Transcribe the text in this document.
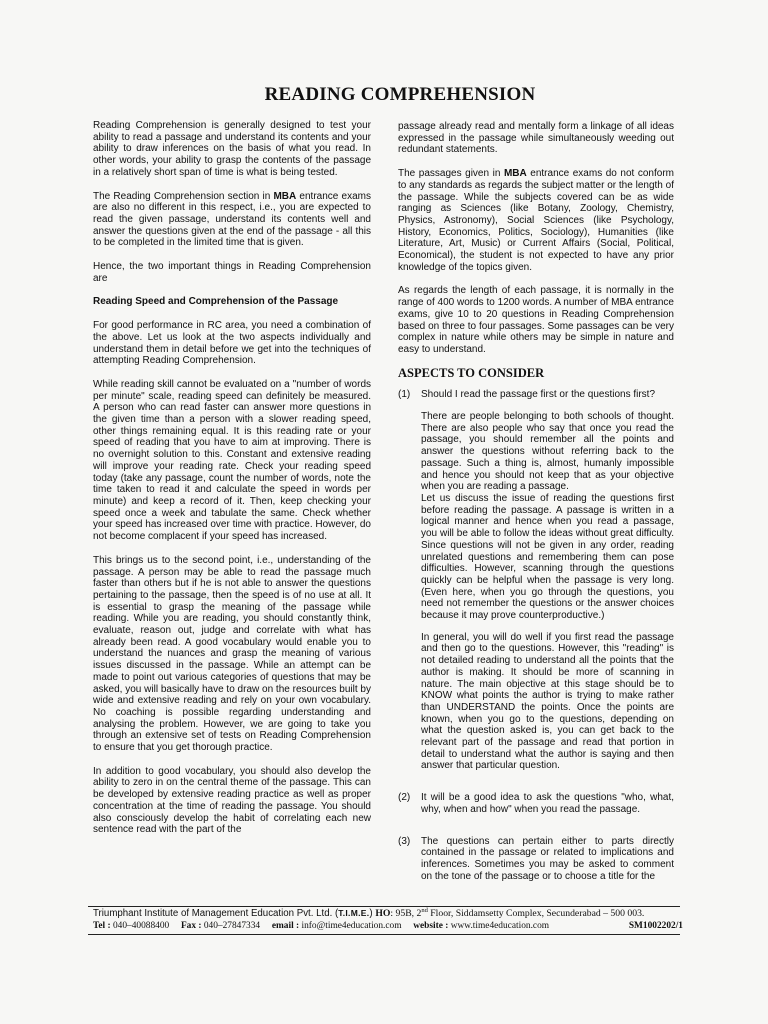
READING COMPREHENSION

Reading Comprehension is generally designed to test your ability to read a passage and understand its contents and your ability to draw inferences on the basis of what you read. In other words, your ability to grasp the contents of the passage in a relatively short span of time is what is being tested.

The Reading Comprehension section in MBA entrance exams are also no different in this respect, i.e., you are expected to read the given passage, understand its contents well and answer the questions given at the end of the passage - all this to be completed in the limited time that is given.

Hence, the two important things in Reading Comprehension are

Reading Speed and Comprehension of the Passage

For good performance in RC area, you need a combination of the above. Let us look at the two aspects individually and understand them in detail before we get into the techniques of attempting Reading Comprehension.

While reading skill cannot be evaluated on a "number of words per minute" scale, reading speed can definitely be measured. A person who can read faster can answer more questions in the given time than a person with a slower reading speed, other things remaining equal. It is this reading rate or your speed of reading that you have to aim at improving. There is no overnight solution to this. Constant and extensive reading will improve your reading rate. Check your reading speed today (take any passage, count the number of words, note the time taken to read it and calculate the speed in words per minute) and keep a record of it. Then, keep checking your speed once a week and tabulate the same. Check whether your speed has increased over time with practice. However, do not become complacent if your speed has increased.

This brings us to the second point, i.e., understanding of the passage. A person may be able to read the passage much faster than others but if he is not able to answer the questions pertaining to the passage, then the speed is of no use at all. It is essential to grasp the meaning of the passage while reading. While you are reading, you should constantly think, evaluate, reason out, judge and correlate with what has already been read. A good vocabulary would enable you to understand the nuances and grasp the meaning of various issues discussed in the passage. While an attempt can be made to point out various categories of questions that may be asked, you will basically have to draw on the resources built by wide and extensive reading and rely on your own vocabulary. No coaching is possible regarding understanding and analysing the problem. However, we are going to take you through an extensive set of tests on Reading Comprehension to ensure that you get thorough practice.

In addition to good vocabulary, you should also develop the ability to zero in on the central theme of the passage. This can be developed by extensive reading practice as well as proper concentration at the time of reading the passage. You should also consciously develop the habit of correlating each new sentence read with the part of the

passage already read and mentally form a linkage of all ideas expressed in the passage while simultaneously weeding out redundant statements.

The passages given in MBA entrance exams do not conform to any standards as regards the subject matter or the length of the passage. While the subjects covered can be as wide ranging as Sciences (like Botany, Zoology, Chemistry, Physics, Astronomy), Social Sciences (like Psychology, History, Economics, Politics, Sociology), Humanities (like Literature, Art, Music) or Current Affairs (Social, Political, Economical), the student is not expected to have any prior knowledge of the topics given.

As regards the length of each passage, it is normally in the range of 400 words to 1200 words. A number of MBA entrance exams, give 10 to 20 questions in Reading Comprehension based on three to four passages. Some passages can be very complex in nature while others may be simple in nature and easy to understand.

ASPECTS TO CONSIDER
(1)	Should I read the passage first or the questions first?

There are people belonging to both schools of thought. There are also people who say that once you read the passage, you should remember all the points and answer the questions without referring back to the passage. Such a thing is, almost, humanly impossible and hence you should not keep that as your objective when you are reading a passage.

Let us discuss the issue of reading the questions first before reading the passage. A passage is written in a logical manner and hence when you read a passage, you will be able to follow the ideas without great difficulty. Since questions will not be given in any order, reading unrelated questions and remembering them can pose difficulties. However, scanning through the questions quickly can be helpful when the passage is very long. (Even here, when you go through the questions, you need not remember the questions or the answer choices because it may prove counterproductive.)

In general, you will do well if you first read the passage and then go to the questions. However, this "reading" is not detailed reading to understand all the points that the author is making. It should be more of scanning in nature. The main objective at this stage should be to KNOW what points the author is trying to make rather than UNDERSTAND the points. Once the points are known, when you go to the questions, depending on what the question asked is, you can get back to the relevant part of the passage and read that portion in detail to understand what the author is saying and then answer that particular question.

(2)	It will be a good idea to ask the questions "who, what, why, when and how" when you read the passage.

(3)	The questions can pertain either to parts directly contained in the passage or related to implications and inferences. Sometimes you may be asked to comment on the tone of the passage or to choose a title for the

Triumphant Institute of Management Education Pvt. Ltd. (T.I.M.E.) HO: 95B, 2nd Floor, Siddamsetty Complex, Secunderabad – 500 003.
Tel : 040–40088400 Fax : 040–27847334 email : info@time4education.com website : www.time4education.com	SM1002202/1
